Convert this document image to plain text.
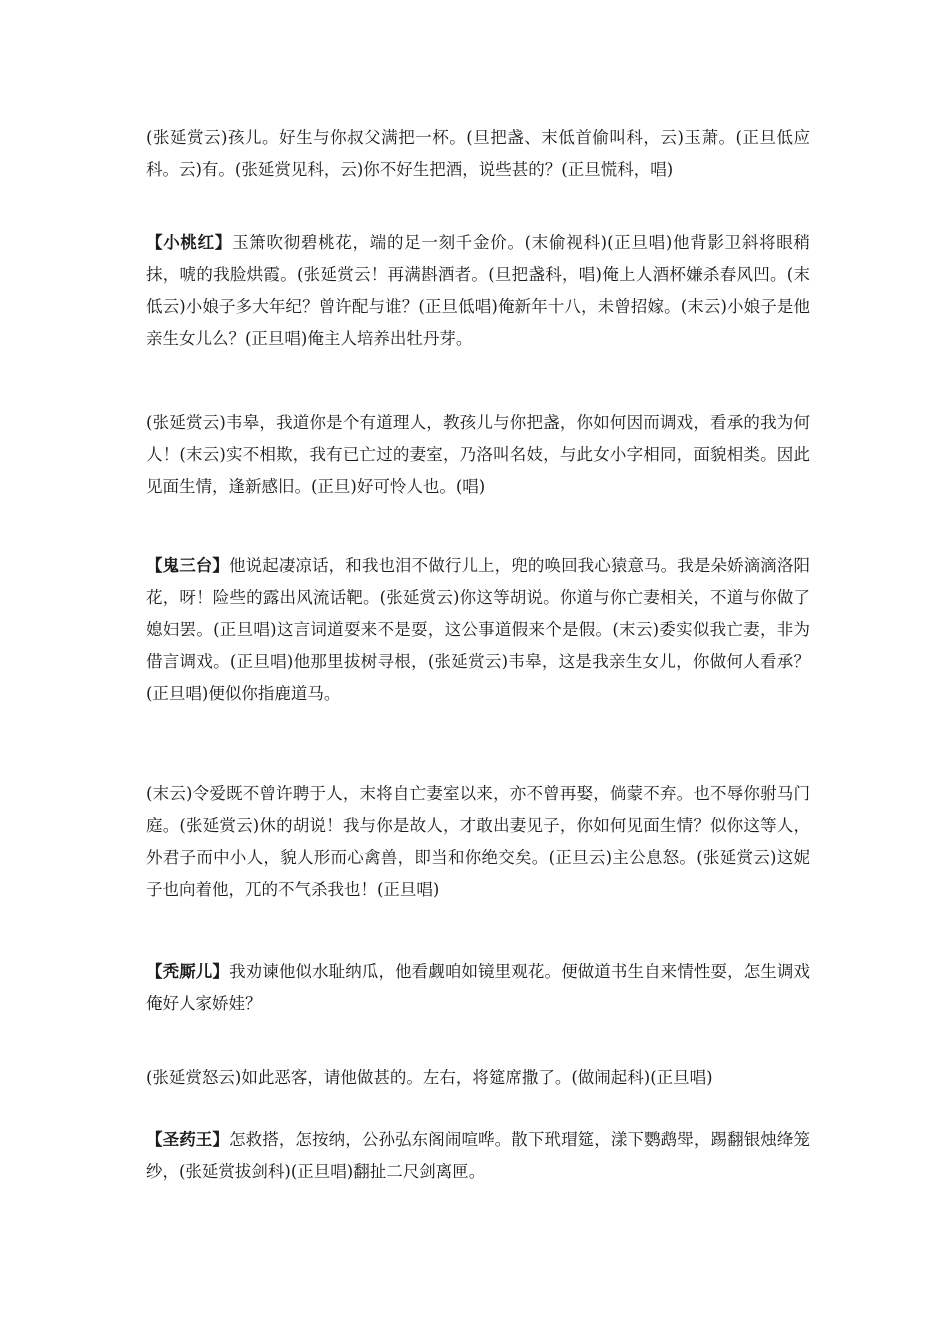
(张延赏云)孩儿。好生与你叔父满把一杯。(旦把盏、末低首偷叫科，云)玉萧。(正旦低应科。云)有。(张延赏见科，云)你不好生把酒，说些甚的？(正旦慌科，唱)

【小桃红】玉箫吹彻碧桃花，端的足一刻千金价。(末偷视科)(正旦唱)他背影卫斜将眼稍抹，唬的我脸烘霞。(张延赏云！再满斟酒者。(旦把盏科，唱)俺上人酒杯嫌杀春风凹。(末低云)小娘子多大年纪？曾许配与谁？(正旦低唱)俺新年十八，未曾招嫁。(末云)小娘子是他亲生女儿么？(正旦唱)俺主人培养出牡丹芽。

(张延赏云)韦皋，我道你是个有道理人，教孩儿与你把盏，你如何因而调戏，看承的我为何人！(末云)实不相欺，我有已亡过的妻室，乃洛叫名妓，与此女小字相同，面貌相类。因此见面生情，逢新感旧。(正旦)好可怜人也。(唱)

【鬼三台】他说起凄凉话，和我也泪不做行儿上，兜的唤回我心猿意马。我是朵娇滴滴洛阳花，呀！险些的露出风流话靶。(张延赏云)你这等胡说。你道与你亡妻相关，不道与你做了媳妇罢。(正旦唱)这言词道耍来不是耍，这公事道假来个是假。(末云)委实似我亡妻，非为借言调戏。(正旦唱)他那里拔树寻根，(张延赏云)韦皋，这是我亲生女儿，你做何人看承？(正旦唱)便似你指鹿道马。

(末云)令爱既不曾许聘于人，末将自亡妻室以来，亦不曾再娶，倘蒙不弃。也不辱你驸马门庭。(张延赏云)休的胡说！我与你是故人，才敢出妻见子，你如何见面生情？似你这等人，外君子而中小人，貌人形而心禽兽，即当和你绝交矣。(正旦云)主公息怒。(张延赏云)这妮子也向着他，兀的不气杀我也！(正旦唱)

【秃厮儿】我劝谏他似水耻纳瓜，他看觑咱如镜里观花。便做道书生自来情性耍，怎生调戏俺好人家娇娃？

(张延赏怒云)如此恶客，请他做甚的。左右，将筵席撒了。(做闹起科)(正旦唱)

【圣药王】怎救搭，怎按纳，公孙弘东阁闹喧哗。散下玳瑁筵，漾下鹦鹉斝，踢翻银烛绛笼纱，(张延赏拔剑科)(正旦唱)翻扯二尺剑离匣。
